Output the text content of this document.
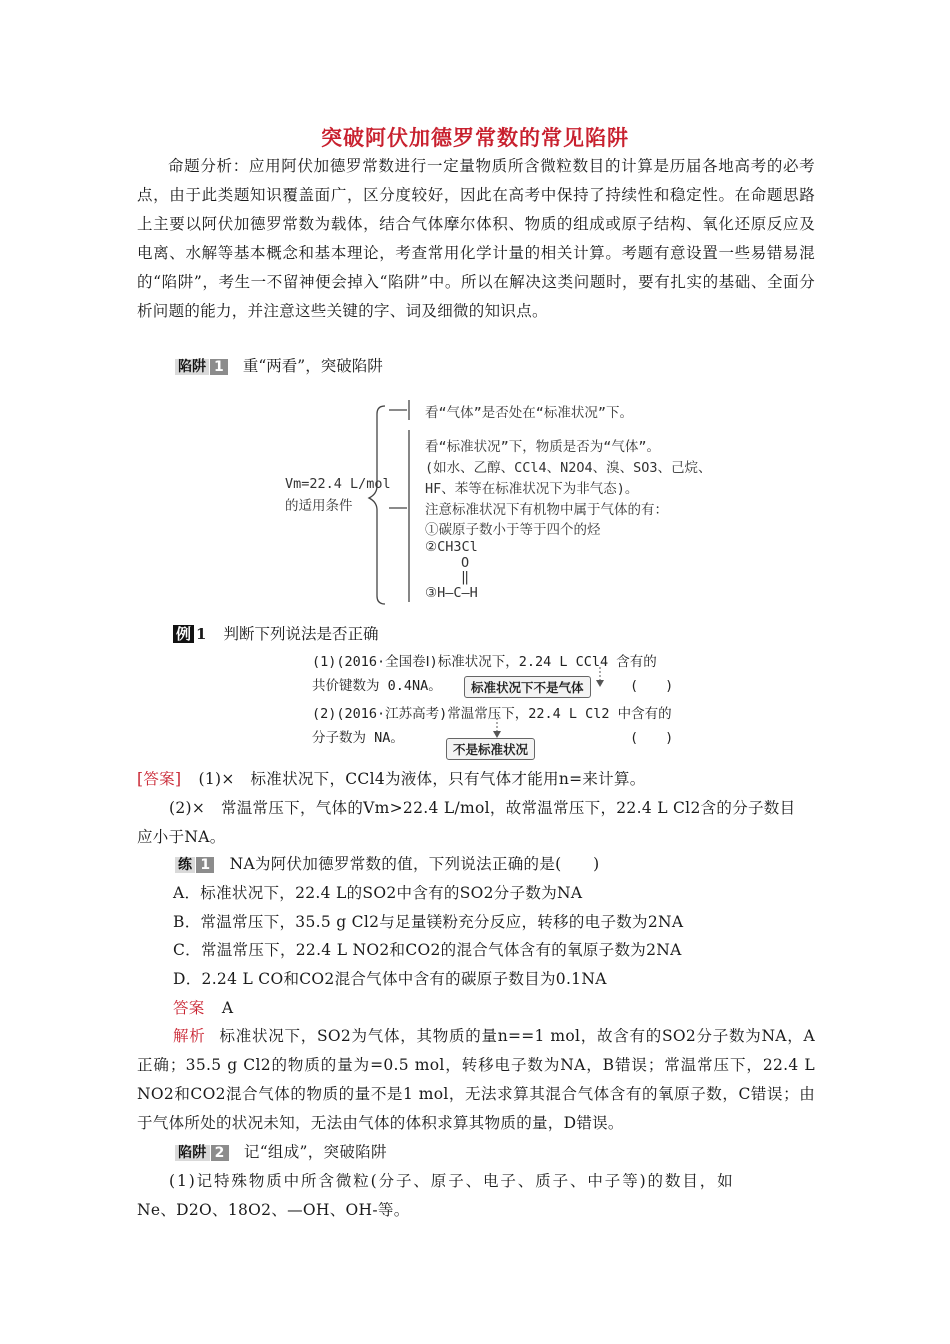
突破阿伏加德罗常数的常见陷阱
命题分析：应用阿伏加德罗常数进行一定量物质所含微粒数目的计算是历届各地高考的必考点，由于此类题知识覆盖面广，区分度较好，因此在高考中保持了持续性和稳定性。在命题思路上主要以阿伏加德罗常数为载体，结合气体摩尔体积、物质的组成或原子结构、氧化还原反应及电离、水解等基本概念和基本理论，考查常用化学计量的相关计算。考题有意设置一些易错易混的“陷阱”，考生一不留神便会掉入“陷阱”中。所以在解决这类问题时，要有扎实的基础、全面分析问题的能力，并注意这些关键的字、词及细微的知识点。
陷阱 1 重“两看”，突破陷阱
Vm=22.4 L/mol
的适用条件
看“气体”是否处在“标准状况”下。
看“标准状况”下，物质是否为“气体”。
(如水、乙醇、CCl4、N2O4、溴、SO3、己烷、
HF、苯等在标准状况下为非气态)。
注意标准状况下有机物中属于气体的有：
①碳原子数小于等于四个的烃
②CH3Cl
O
‖
③H—C—H
例 1 判断下列说法是否正确
(1)(2016·全国卷Ⅰ)标准状况下，2.24 L CCl4 含有的
共价键数为 0.4NA。	标准状况下不是气体	(　　)
(2)(2016·江苏高考)常温常压下，22.4 L Cl2 中含有的
分子数为 NA。
不是标准状况
(　　)
[答案] (1)×　标准状况下，CCl4为液体，只有气体才能用n=来计算。
(2)×　常温常压下，气体的Vm>22.4 L/mol，故常温常压下，22.4 L Cl2含的分子数目
应小于NA。
练 1 NA为阿伏加德罗常数的值，下列说法正确的是(　　)
A．标准状况下，22.4 L的SO2中含有的SO2分子数为NA
B．常温常压下，35.5 g Cl2与足量镁粉充分反应，转移的电子数为2NA
C．常温常压下，22.4 L NO2和CO2的混合气体含有的氧原子数为2NA
D．2.24 L CO和CO2混合气体中含有的碳原子数目为0.1NA
答案 A
解析 标准状况下，SO2为气体，其物质的量n==1 mol，故含有的SO2分子数为NA，A正确；35.5 g Cl2的物质的量为=0.5 mol，转移电子数为NA，B错误；常温常压下，22.4 L NO2和CO2混合气体的物质的量不是1 mol，无法求算其混合气体含有的氧原子数，C错误；由于气体所处的状况未知，无法由气体的体积求算其物质的量，D错误。
陷阱 2 记“组成”，突破陷阱
(1)记特殊物质中所含微粒(分子、原子、电子、质子、中子等)的数目，如
Ne、D2O、18O2、—OH、OH-等。
